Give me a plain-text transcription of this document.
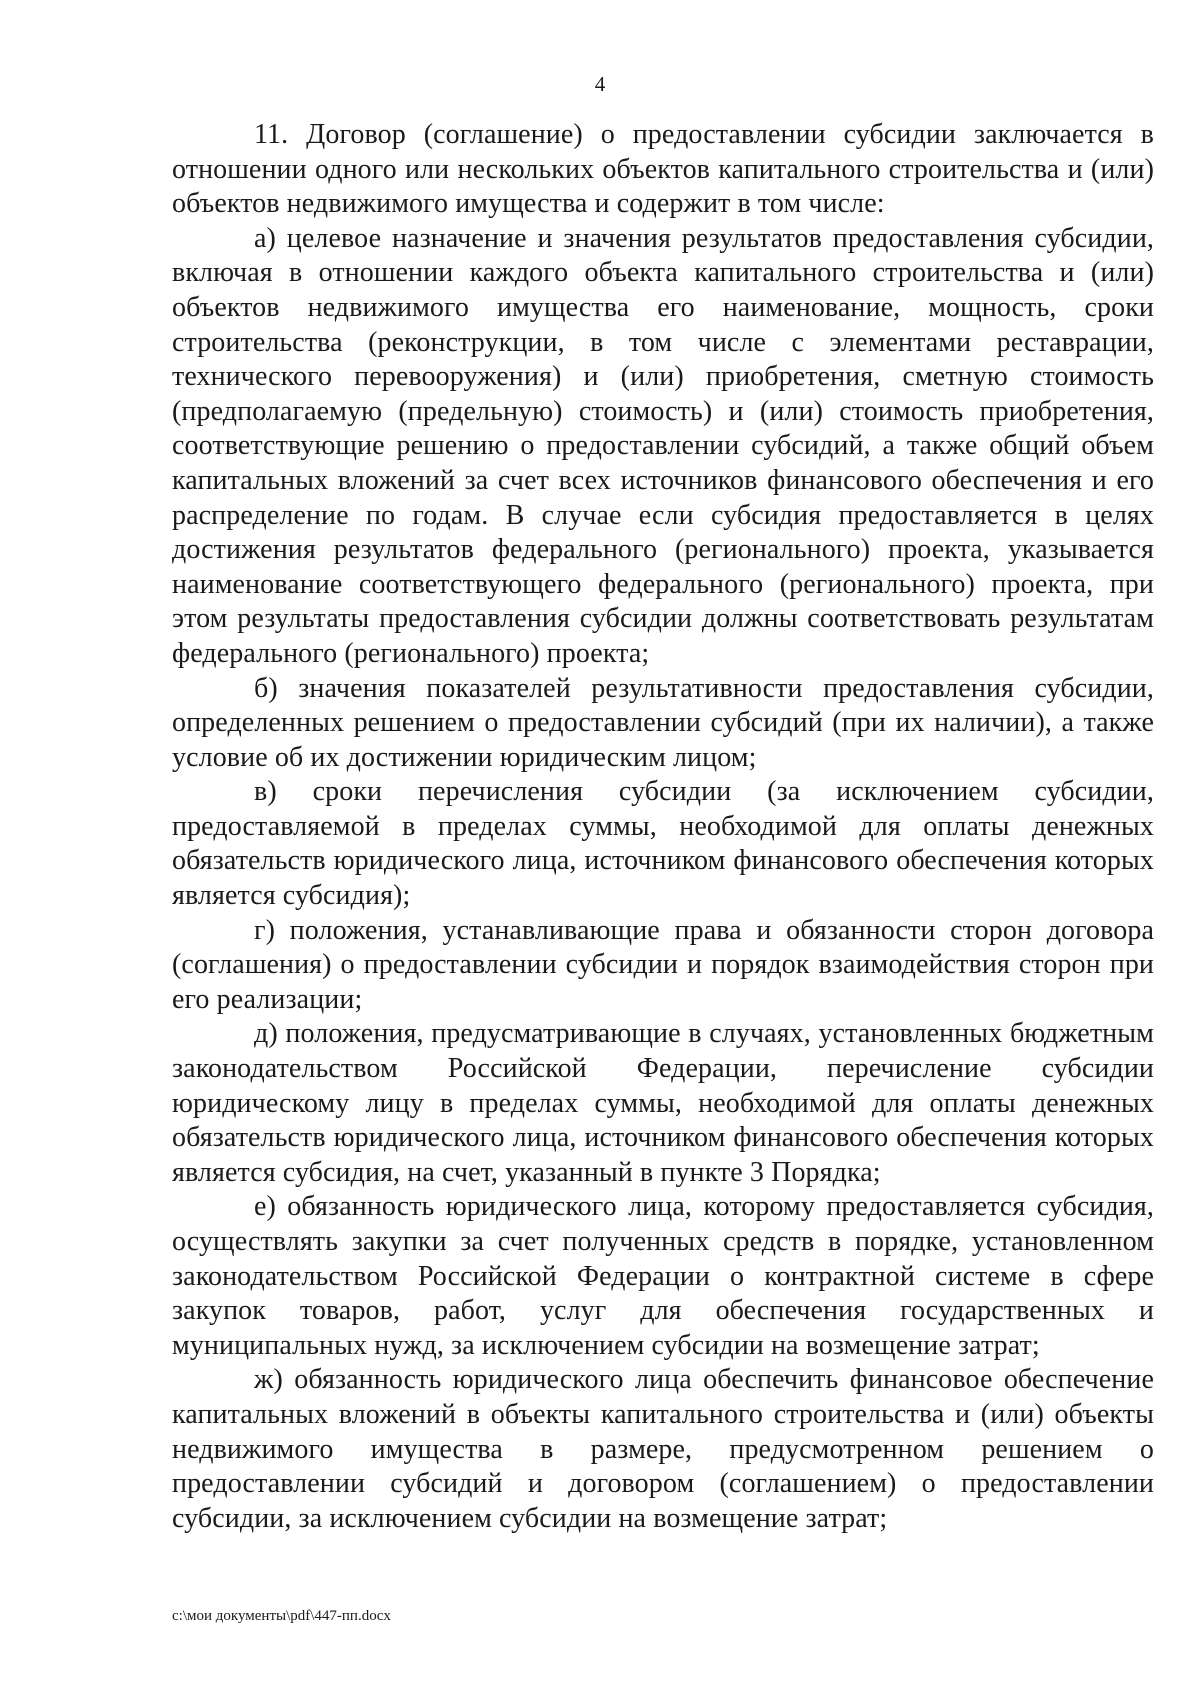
4

11. Договор (соглашение) о предоставлении субсидии заключается в отношении одного или нескольких объектов капитального строительства и (или) объектов недвижимого имущества и содержит в том числе:

а) целевое назначение и значения результатов предоставления субсидии, включая в отношении каждого объекта капитального строительства и (или) объектов недвижимого имущества его наименование, мощность, сроки строительства (реконструкции, в том числе с элементами реставрации, технического перевооружения) и (или) приобретения, сметную стоимость (предполагаемую (предельную) стоимость) и (или) стоимость приобретения, соответствующие решению о предоставлении субсидий, а также общий объем капитальных вложений за счет всех источников финансового обеспечения и его распределение по годам. В случае если субсидия предоставляется в целях достижения результатов федерального (регионального) проекта, указывается наименование соответствующего федерального (регионального) проекта, при этом результаты предоставления субсидии должны соответствовать результатам федерального (регионального) проекта;

б) значения показателей результативности предоставления субсидии, определенных решением о предоставлении субсидий (при их наличии), а также условие об их достижении юридическим лицом;

в) сроки перечисления субсидии (за исключением субсидии, предоставляемой в пределах суммы, необходимой для оплаты денежных обязательств юридического лица, источником финансового обеспечения которых является субсидия);

г) положения, устанавливающие права и обязанности сторон договора (соглашения) о предоставлении субсидии и порядок взаимодействия сторон при его реализации;

д) положения, предусматривающие в случаях, установленных бюджетным законодательством Российской Федерации, перечисление субсидии юридическому лицу в пределах суммы, необходимой для оплаты денежных обязательств юридического лица, источником финансового обеспечения которых является субсидия, на счет, указанный в пункте 3 Порядка;

е) обязанность юридического лица, которому предоставляется субсидия, осуществлять закупки за счет полученных средств в порядке, установленном законодательством Российской Федерации о контрактной системе в сфере закупок товаров, работ, услуг для обеспечения государственных и муниципальных нужд, за исключением субсидии на возмещение затрат;

ж) обязанность юридического лица обеспечить финансовое обеспечение капитальных вложений в объекты капитального строительства и (или) объекты недвижимого имущества в размере, предусмотренном решением о предоставлении субсидий и договором (соглашением) о предоставлении субсидии, за исключением субсидии на возмещение затрат;

c:\мои документы\pdf\447-пп.docx
